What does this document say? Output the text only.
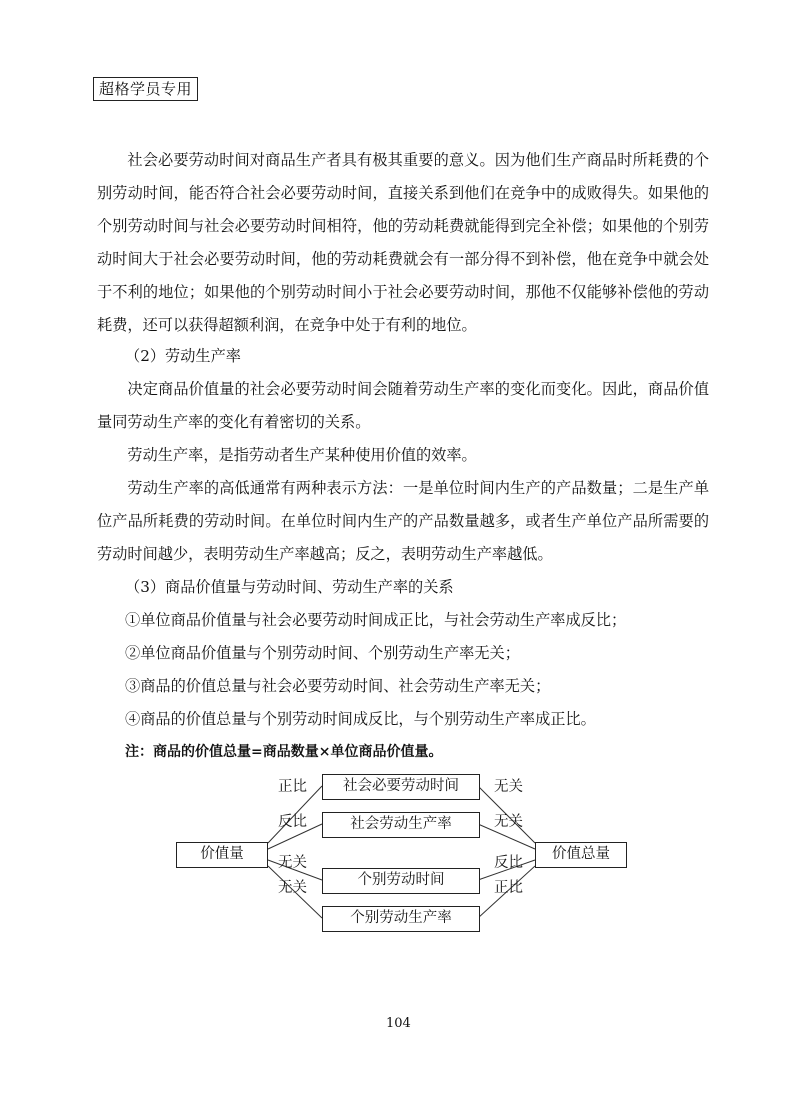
超格学员专用

社会必要劳动时间对商品生产者具有极其重要的意义。因为他们生产商品时所耗费的个别劳动时间，能否符合社会必要劳动时间，直接关系到他们在竞争中的成败得失。如果他的个别劳动时间与社会必要劳动时间相符，他的劳动耗费就能得到完全补偿；如果他的个别劳动时间大于社会必要劳动时间，他的劳动耗费就会有一部分得不到补偿，他在竞争中就会处于不利的地位；如果他的个别劳动时间小于社会必要劳动时间，那他不仅能够补偿他的劳动耗费，还可以获得超额利润，在竞争中处于有利的地位。

（2）劳动生产率

决定商品价值量的社会必要劳动时间会随着劳动生产率的变化而变化。因此，商品价值量同劳动生产率的变化有着密切的关系。

劳动生产率，是指劳动者生产某种使用价值的效率。

劳动生产率的高低通常有两种表示方法：一是单位时间内生产的产品数量；二是生产单位产品所耗费的劳动时间。在单位时间内生产的产品数量越多，或者生产单位产品所需要的劳动时间越少，表明劳动生产率越高；反之，表明劳动生产率越低。

（3）商品价值量与劳动时间、劳动生产率的关系

①单位商品价值量与社会必要劳动时间成正比，与社会劳动生产率成反比；

②单位商品价值量与个别劳动时间、个别劳动生产率无关；

③商品的价值总量与社会必要劳动时间、社会劳动生产率无关；

④商品的价值总量与个别劳动时间成反比，与个别劳动生产率成正比。

注：商品的价值总量=商品数量×单位商品价值量。
价值量	价值总量
社会必要劳动时间
社会劳动生产率
个别劳动时间
个别劳动生产率
正比
反比
无关
无关
无关
无关
反比
正比
104
